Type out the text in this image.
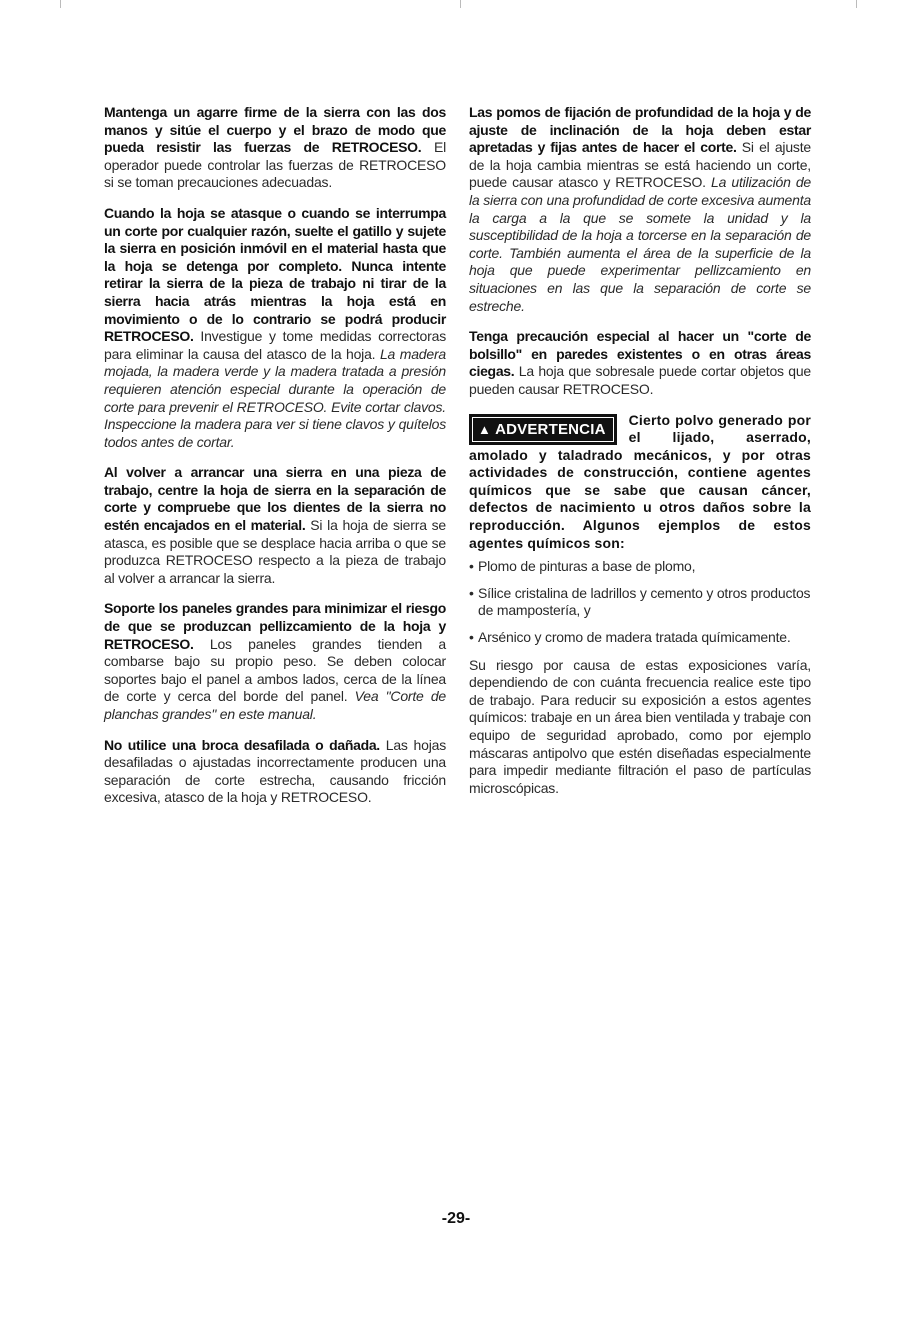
Mantenga un agarre firme de la sierra con las dos manos y sitúe el cuerpo y el brazo de modo que pueda resistir las fuerzas de RETROCESO. El operador puede controlar las fuerzas de RETROCESO si se toman precauciones adecuadas.

Cuando la hoja se atasque o cuando se interrumpa un corte por cualquier razón, suelte el gatillo y sujete la sierra en posición inmóvil en el material hasta que la hoja se detenga por completo. Nunca intente retirar la sierra de la pieza de trabajo ni tirar de la sierra hacia atrás mientras la hoja está en movimiento o de lo contrario se podrá producir RETROCESO. Investigue y tome medidas correctoras para eliminar la causa del atasco de la hoja. La madera mojada, la madera verde y la madera tratada a presión requieren atención especial durante la operación de corte para prevenir el RETROCESO. Evite cortar clavos. Inspeccione la madera para ver si tiene clavos y quítelos todos antes de cortar.

Al volver a arrancar una sierra en una pieza de trabajo, centre la hoja de sierra en la separación de corte y compruebe que los dientes de la sierra no estén encajados en el material. Si la hoja de sierra se atasca, es posible que se desplace hacia arriba o que se produzca RETROCESO respecto a la pieza de trabajo al volver a arrancar la sierra.

Soporte los paneles grandes para minimizar el riesgo de que se produzcan pellizcamiento de la hoja y RETROCESO. Los paneles grandes tienden a combarse bajo su propio peso. Se deben colocar soportes bajo el panel a ambos lados, cerca de la línea de corte y cerca del borde del panel. Vea "Corte de planchas grandes" en este manual.

No utilice una broca desafilada o dañada. Las hojas desafiladas o ajustadas incorrectamente producen una separación de corte estrecha, causando fricción excesiva, atasco de la hoja y RETROCESO.

Las pomos de fijación de profundidad de la hoja y de ajuste de inclinación de la hoja deben estar apretadas y fijas antes de hacer el corte. Si el ajuste de la hoja cambia mientras se está haciendo un corte, puede causar atasco y RETROCESO. La utilización de la sierra con una profundidad de corte excesiva aumenta la carga a la que se somete la unidad y la susceptibilidad de la hoja a torcerse en la separación de corte. También aumenta el área de la superficie de la hoja que puede experimentar pellizcamiento en situaciones en las que la separación de corte se estreche.

Tenga precaución especial al hacer un "corte de bolsillo" en paredes existentes o en otras áreas ciegas. La hoja que sobresale puede cortar objetos que pueden causar RETROCESO.

▲ ADVERTENCIA
Cierto polvo generado por el lijado, aserrado, amolado y taladrado mecánicos, y por otras actividades de construcción, contiene agentes químicos que se sabe que causan cáncer, defectos de nacimiento u otros daños sobre la reproducción. Algunos ejemplos de estos agentes químicos son:
• Plomo de pinturas a base de plomo,
• Sílice cristalina de ladrillos y cemento y otros productos de mampostería, y
• Arsénico y cromo de madera tratada químicamente.

Su riesgo por causa de estas exposiciones varía, dependiendo de con cuánta frecuencia realice este tipo de trabajo. Para reducir su exposición a estos agentes químicos: trabaje en un área bien ventilada y trabaje con equipo de seguridad aprobado, como por ejemplo máscaras antipolvo que estén diseñadas especialmente para impedir mediante filtración el paso de partículas microscópicas.

-29-
